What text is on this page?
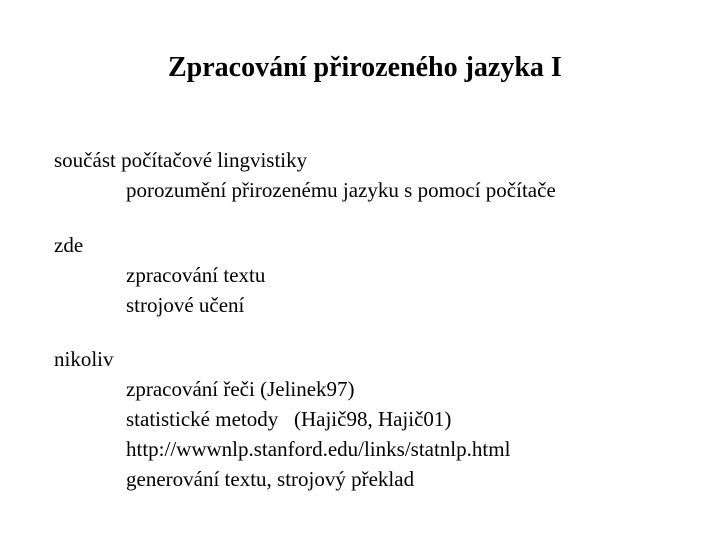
Zpracování přirozeného jazyka I
součást počítačové lingvistiky
porozumění přirozenému jazyku s pomocí počítače
zde
zpracování textu
strojové učení
nikoliv
zpracování řeči (Jelinek97)
statistické metody   (Hajič98, Hajič01)
http://wwwnlp.stanford.edu/links/statnlp.html
generování textu, strojový překlad
